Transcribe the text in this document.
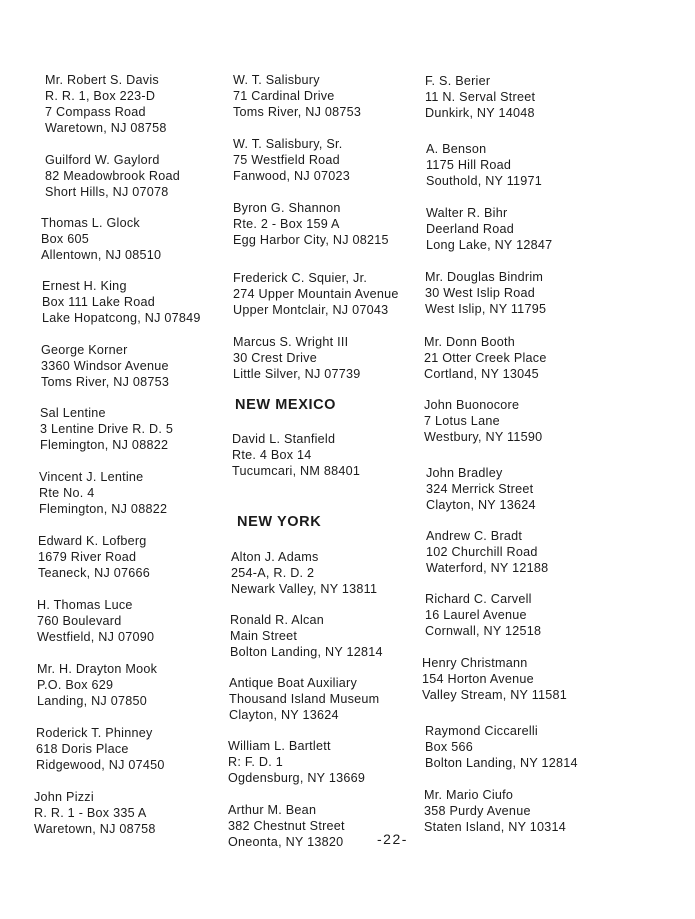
Mr. Robert S. Davis
R. R. 1, Box 223-D
7 Compass Road
Waretown, NJ 08758
Guilford W. Gaylord
82 Meadowbrook Road
Short Hills, NJ 07078
Thomas L. Glock
Box 605
Allentown, NJ 08510
Ernest H. King
Box 111 Lake Road
Lake Hopatcong, NJ 07849
George Korner
3360 Windsor Avenue
Toms River, NJ 08753
Sal Lentine
3 Lentine Drive R. D. 5
Flemington, NJ 08822
Vincent J. Lentine
Rte No. 4
Flemington, NJ 08822
Edward K. Lofberg
1679 River Road
Teaneck, NJ 07666
H. Thomas Luce
760 Boulevard
Westfield, NJ 07090
Mr. H. Drayton Mook
P.O. Box 629
Landing, NJ 07850
Roderick T. Phinney
618 Doris Place
Ridgewood, NJ 07450
John Pizzi
R. R. 1 - Box 335 A
Waretown, NJ 08758
W. T. Salisbury
71 Cardinal Drive
Toms River, NJ 08753
W. T. Salisbury, Sr.
75 Westfield Road
Fanwood, NJ 07023
Byron G. Shannon
Rte. 2 - Box 159 A
Egg Harbor City, NJ 08215
Frederick C. Squier, Jr.
274 Upper Mountain Avenue
Upper Montclair, NJ 07043
Marcus S. Wright III
30 Crest Drive
Little Silver, NJ 07739
NEW MEXICO
David L. Stanfield
Rte. 4 Box 14
Tucumcari, NM 88401
NEW YORK
Alton J. Adams
254-A, R. D. 2
Newark Valley, NY 13811
Ronald R. Alcan
Main Street
Bolton Landing, NY 12814
Antique Boat Auxiliary
Thousand Island Museum
Clayton, NY 13624
William L. Bartlett
R: F. D. 1
Ogdensburg, NY 13669
Arthur M. Bean
382 Chestnut Street
Oneonta, NY 13820
F. S. Berier
11 N. Serval Street
Dunkirk, NY 14048
A. Benson
1175 Hill Road
Southold, NY 11971
Walter R. Bihr
Deerland Road
Long Lake, NY 12847
Mr. Douglas Bindrim
30 West Islip Road
West Islip, NY 11795
Mr. Donn Booth
21 Otter Creek Place
Cortland, NY 13045
John Buonocore
7 Lotus Lane
Westbury, NY 11590
John Bradley
324 Merrick Street
Clayton, NY 13624
Andrew C. Bradt
102 Churchill Road
Waterford, NY 12188
Richard C. Carvell
16 Laurel Avenue
Cornwall, NY 12518
Henry Christmann
154 Horton Avenue
Valley Stream, NY 11581
Raymond Ciccarelli
Box 566
Bolton Landing, NY 12814
Mr. Mario Ciufo
358 Purdy Avenue
Staten Island, NY 10314
-22-
